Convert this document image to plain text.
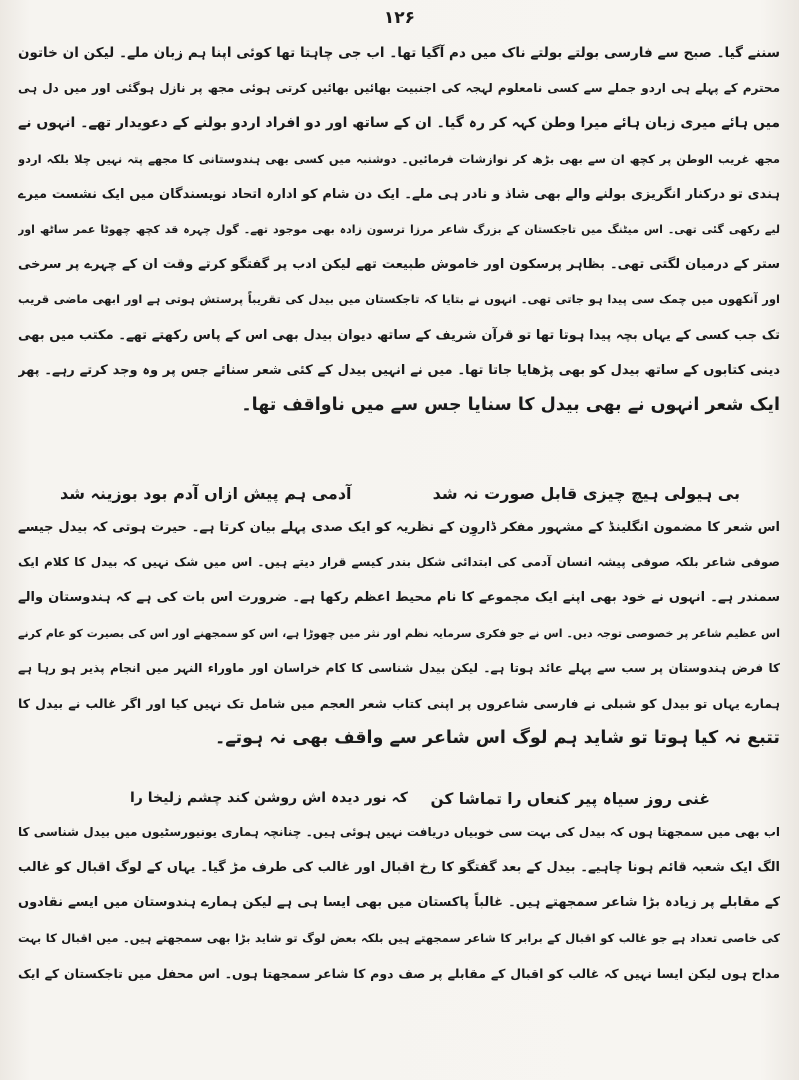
۱۲۶
سننے گیا۔ صبح سے فارسی بولتے بولتے ناک میں دم آگیا تھا۔ اب جی چاہتا تھا کوئی اپنا ہم زبان ملے۔ لیکن ان خاتون
محترم کے پہلے ہی اردو جملے سے کسی نامعلوم لہجہ کی اجنبیت بھائیں بھائیں کرتی ہوئی مجھ پر نازل ہوگئی اور میں دل ہی
میں ہائے میری زبان ہائے میرا وطن کہہ کر رہ گیا۔ ان کے ساتھ اور دو افراد اردو بولنے کے دعویدار تھے۔ انہوں نے
مجھ غریب الوطن پر کچھ ان سے بھی بڑھ کر نوازشات فرمائیں۔ دوشنبہ میں کسی بھی ہندوستانی کا مجھے پتہ نہیں چلا بلکہ اردو
ہندی تو درکنار انگریزی بولنے والے بھی شاذ و نادر ہی ملے۔ ایک دن شام کو ادارہ اتحاد نویسندگان میں ایک نشست میرے
لیے رکھی گئی تھی۔ اس میٹنگ میں تاجکستان کے بزرگ شاعر مرزا ترسون زادہ بھی موجود تھے۔ گول چہرہ قد کچھ چھوٹا عمر ساٹھ اور
ستر کے درمیان لگتی تھی۔ بظاہر پرسکون اور خاموش طبیعت تھے لیکن ادب پر گفتگو کرتے وقت ان کے چہرے پر سرخی
اور آنکھوں میں چمک سی پیدا ہو جاتی تھی۔ انہوں نے بتایا کہ تاجکستان میں بیدل کی تقریباً پرستش ہوتی ہے اور ابھی ماضی قریب
تک جب کسی کے یہاں بچہ پیدا ہوتا تھا تو قرآن شریف کے ساتھ دیوان بیدل بھی اس کے پاس رکھتے تھے۔ مکتب میں بھی
دینی کتابوں کے ساتھ بیدل کو بھی پڑھایا جاتا تھا۔ میں نے انہیں بیدل کے کئی شعر سنائے جس پر وہ وجد کرتے رہے۔ پھر
ایک شعر انہوں نے بھی بیدل کا سنایا جس سے میں ناواقف تھا۔
بی ہیولی ہیچ چیزی قابل صورت نہ شد
آدمی ہم پیش ازاں آدم بود بوزینہ شد
اس شعر کا مضمون انگلینڈ کے مشہور مفکر ڈاروِن کے نظریہ کو ایک صدی پہلے بیان کرتا ہے۔ حیرت ہوتی کہ بیدل جیسے
صوفی شاعر بلکہ صوفی پیشہ انسان آدمی کی ابتدائی شکل بندر کیسے قرار دیتے ہیں۔ اس میں شک نہیں کہ بیدل کا کلام ایک
سمندر ہے۔ انہوں نے خود بھی اپنے ایک مجموعے کا نام محیط اعظم رکھا ہے۔ ضرورت اس بات کی ہے کہ ہندوستان والے
اس عظیم شاعر پر خصوصی توجہ دیں۔ اس نے جو فکری سرمایہ نظم اور نثر میں چھوڑا ہے، اس کو سمجھنے اور اس کی بصیرت کو عام کرنے
کا فرض ہندوستان پر سب سے پہلے عائد ہوتا ہے۔ لیکن بیدل شناسی کا کام خراسان اور ماوراء النہر میں انجام پذیر ہو رہا ہے
ہمارے یہاں تو بیدل کو شبلی نے فارسی شاعروں پر اپنی کتاب شعر العجم میں شامل تک نہیں کیا اور اگر غالب نے بیدل کا
تتبع نہ کیا ہوتا تو شاید ہم لوگ اس شاعر سے واقف بھی نہ ہوتے۔
غنی روز سیاہ پیر کنعاں را تماشا کن
کہ نور دیدہ اش روشن کند چشم زلیخا را
اب بھی میں سمجھتا ہوں کہ بیدل کی بہت سی خوبیاں دریافت نہیں ہوئی ہیں۔ چنانچہ ہماری یونیورسٹیوں میں بیدل شناسی کا
الگ ایک شعبہ قائم ہونا چاہیے۔ بیدل کے بعد گفتگو کا رخ اقبال اور غالب کی طرف مڑ گیا۔ یہاں کے لوگ اقبال کو غالب
کے مقابلے پر زیادہ بڑا شاعر سمجھتے ہیں۔ غالباً پاکستان میں بھی ایسا ہی ہے لیکن ہمارے ہندوستان میں ایسے نقادوں
کی خاصی تعداد ہے جو غالب کو اقبال کے برابر کا شاعر سمجھتے ہیں بلکہ بعض لوگ تو شاید بڑا بھی سمجھتے ہیں۔ میں اقبال کا بہت
مداح ہوں لیکن ایسا نہیں کہ غالب کو اقبال کے مقابلے پر صف دوم کا شاعر سمجھتا ہوں۔ اس محفل میں تاجکستان کے ایک
